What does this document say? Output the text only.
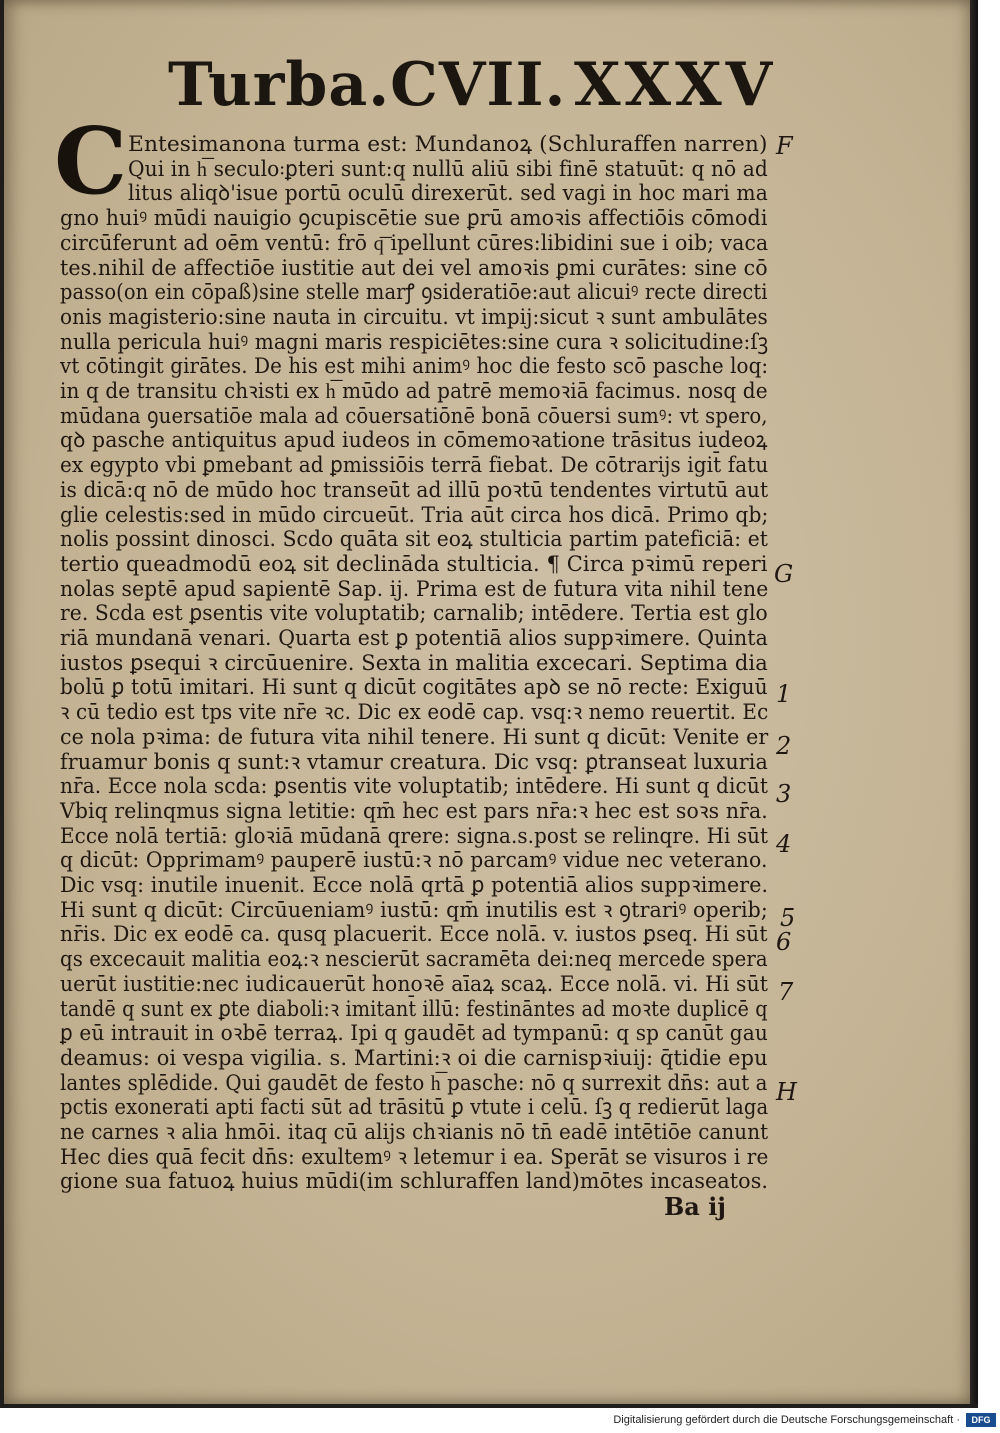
Turba.CVII. XXXV
C Entesimanona turma est: Mundanoꝝ (Schluraffen narren)
Qui in h͞ seculo꞉ꝑteri sunt:q nullū aliū sibi finē statuūt: q nō ad
litus aliqꝺ'isue portū oculū direxerūt. sed vagi in hoc mari ma
gno huiꝰ mūdi nauigio ꝯcupiscētie sue ꝑrū amoꝛis affectiōis cōmodi
circūferunt ad oēm ventū: frō q͞ ipellunt cūres:libidini sue i oib; vaca
tes.nihil de affectiōe iustitie aut dei vel amoꝛis ꝑmi curātes: sine cō
passo(on ein cōpaß)sine stelle marꝭ ꝯsideratiōe:aut alicuiꝰ recte directi
onis magisterio:sine nauta in circuitu. vt impij:sicut ꝛ sunt ambulātes
nulla pericula huiꝰ magni maris respiciētes:sine cura ꝛ solicitudine:ſꝫ
vt cōtingit girātes. De his est mihi animꝰ hoc die festo scō pasche loq:
in q de transitu chꝛisti ex h͞ mūdo ad patrē memoꝛiā facimus. nosq de
mūdana ꝯuersatiōe mala ad cōuersatiōnē bonā cōuersi sumꝰ: vt spero,
qꝺ pasche antiquitus apud iudeos in cōmemoꝛatione trāsitus iudeoꝝ
ex egypto vbi ꝑmebant ad ꝑmissiōis terrā fiebat. De cōtrarijs igit̄ fatu
is dicā:q nō de mūdo hoc transeūt ad illū poꝛtū tendentes virtutū aut
glie celestis:sed in mūdo circueūt. Tria aūt circa hos dicā. Primo qb;
nolis possint dinosci. Scdo quāta sit eoꝝ stulticia partim pateficiā: et
tertio queadmodū eoꝝ sit declināda stulticia. ¶ Circa pꝛimū reperi
nolas septē apud sapientē Sap. ij. Prima est de futura vita nihil tene
re. Scda est ꝑsentis vite voluptatib; carnalib; intēdere. Tertia est glo
riā mundanā venari. Quarta est ꝑ potentiā alios suppꝛimere. Quinta
iustos ꝑsequi ꝛ circūuenire. Sexta in malitia excecari. Septima dia
bolū ꝑ totū imitari. Hi sunt q dicūt cogitātes apꝺ se nō recte: Exiguū
ꝛ cū tedio est tps vite nr̄e ꝛc. Dic ex eodē cap. vsq:ꝛ nemo reuertit. Ec
ce nola pꝛima: de futura vita nihil tenere. Hi sunt q dicūt: Venite er
fruamur bonis q sunt:ꝛ vtamur creatura. Dic vsq: ꝑtranseat luxuria
nr̄a. Ecce nola scda: ꝑsentis vite voluptatib; intēdere. Hi sunt q dicūt
Vbiq relinqmus signa letitie: qm̄ hec est pars nr̄a:ꝛ hec est soꝛs nr̄a.
Ecce nolā tertiā: gloꝛiā mūdanā qrere: signa.s.post se relinqre. Hi sūt
q dicūt: Opprimamꝰ pauperē iustū:ꝛ nō parcamꝰ vidue nec veterano.
Dic vsq: inutile inuenit. Ecce nolā qrtā ꝑ potentiā alios suppꝛimere.
Hi sunt q dicūt: Circūueniamꝰ iustū: qm̄ inutilis est ꝛ ꝯtrariꝰ operib;
nr̄is. Dic ex eodē ca. qusq placuerit. Ecce nolā. v. iustos ꝑseq. Hi sūt
qs excecauit malitia eoꝝ:ꝛ nescierūt sacramēta dei:neq mercede spera
uerūt iustitie:nec iudicauerūt honoꝛē aīaꝝ scaꝝ. Ecce nolā. vi. Hi sūt
tandē q sunt ex ꝑte diaboli:ꝛ imitant̄ illū: festināntes ad moꝛte duplicē q
ꝑ eū intrauit in oꝛbē terraꝝ. Ipi q gaudēt ad tympanū: q sp canūt gau
deamus: oi vespa vigilia. s. Martini:ꝛ oi die carnispꝛiuij: q̄tidie epu
lantes splēdide. Qui gaudēt de festo h͞ pasche: nō q surrexit dn̄s: aut a
pctis exonerati apti facti sūt ad trāsitū ꝑ vtute i celū. ſꝫ q redierūt laga
ne carnes ꝛ alia hmōi. itaq cū alijs chꝛianis nō tn̄ eadē intētiōe canunt
Hec dies quā fecit dn̄s: exultemꝰ ꝛ letemur i ea. Sperāt se visuros i re
gione sua fatuoꝝ huius mūdi(im schluraffen land)mōtes incaseatos.
F
G
1
2
3
4
5
6
7
H
Ba ij
Digitalisierung gefördert durch die Deutsche Forschungsgemeinschaft ·	DFG
